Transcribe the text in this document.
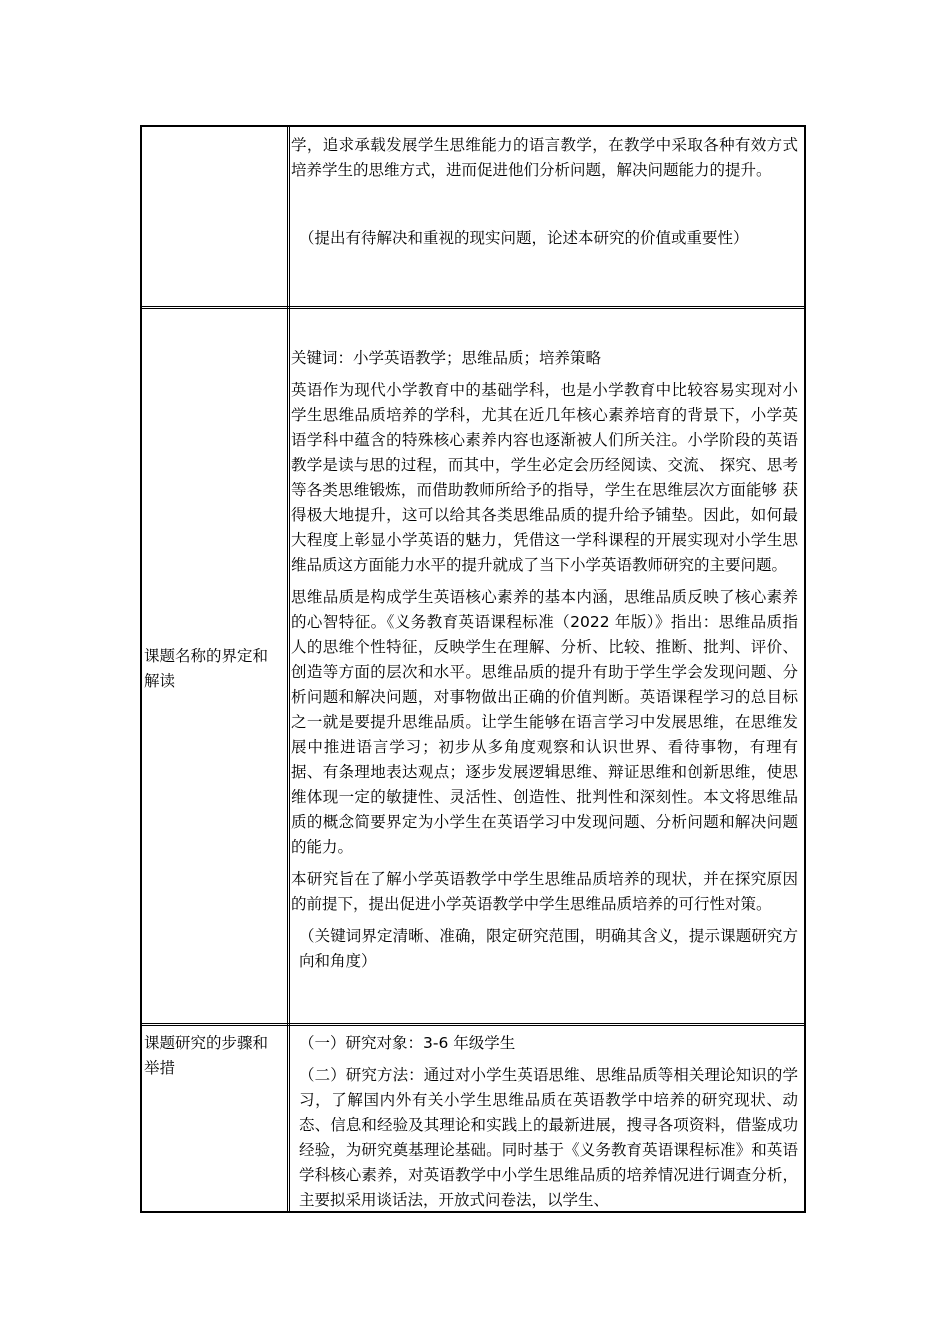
学，追求承载发展学生思维能力的语言教学，在教学中采取各种有效方式培养学生的思维方式，进而促进他们分析问题，解决问题能力的提升。

（提出有待解决和重视的现实问题，论述本研究的价值或重要性）

课题名称的界定和解读

关键词：小学英语教学；思维品质；培养策略

英语作为现代小学教育中的基础学科，也是小学教育中比较容易实现对小学生思维品质培养的学科，尤其在近几年核心素养培育的背景下，小学英语学科中蕴含的特殊核心素养内容也逐渐被人们所关注。小学阶段的英语教学是读与思的过程，而其中，学生必定会历经阅读、交流、 探究、思考等各类思维锻炼，而借助教师所给予的指导，学生在思维层次方面能够 获得极大地提升，这可以给其各类思维品质的提升给予铺垫。因此，如何最大程度上彰显小学英语的魅力，凭借这一学科课程的开展实现对小学生思维品质这方面能力水平的提升就成了当下小学英语教师研究的主要问题。

思维品质是构成学生英语核心素养的基本内涵，思维品质反映了核心素养的心智特征。《义务教育英语课程标准（2022 年版）》指出：思维品质指人的思维个性特征，反映学生在理解、分析、比较、推断、批判、评价、创造等方面的层次和水平。思维品质的提升有助于学生学会发现问题、分析问题和解决问题，对事物做出正确的价值判断。英语课程学习的总目标之一就是要提升思维品质。让学生能够在语言学习中发展思维，在思维发展中推进语言学习；初步从多角度观察和认识世界、看待事物，有理有据、有条理地表达观点；逐步发展逻辑思维、辩证思维和创新思维，使思维体现一定的敏捷性、灵活性、创造性、批判性和深刻性。本文将思维品质的概念简要界定为小学生在英语学习中发现问题、分析问题和解决问题的能力。

本研究旨在了解小学英语教学中学生思维品质培养的现状，并在探究原因的前提下，提出促进小学英语教学中学生思维品质培养的可行性对策。

（关键词界定清晰、准确，限定研究范围，明确其含义，提示课题研究方向和角度）

课题研究的步骤和举措

（一）研究对象：3-6 年级学生

（二）研究方法：通过对小学生英语思维、思维品质等相关理论知识的学习，了解国内外有关小学生思维品质在英语教学中培养的研究现状、动态、信息和经验及其理论和实践上的最新进展，搜寻各项资料，借鉴成功经验，为研究奠基理论基础。同时基于《义务教育英语课程标准》和英语学科核心素养，对英语教学中小学生思维品质的培养情况进行调查分析，主要拟采用谈话法，开放式问卷法，以学生、
